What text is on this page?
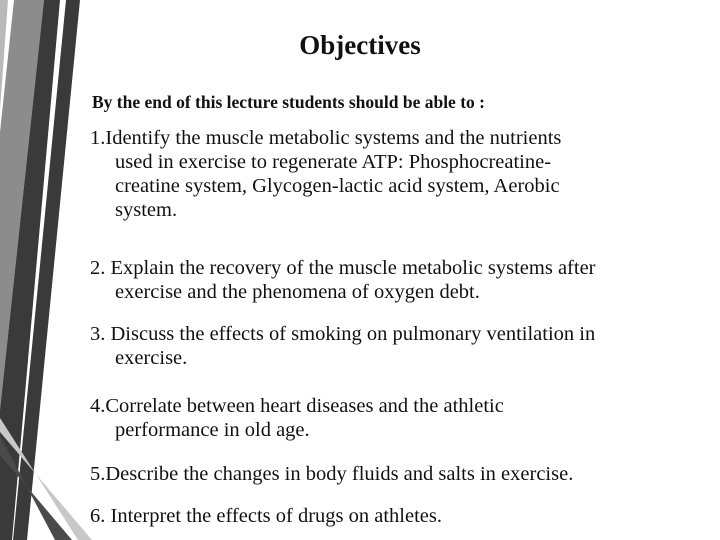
Objectives

By the end of this lecture students should be able to :

1.Identify the muscle metabolic systems and the nutrients
used in exercise to regenerate ATP: Phosphocreatine-
creatine system, Glycogen-lactic acid system, Aerobic
system.
2. Explain the recovery of the muscle metabolic systems after
exercise and the phenomena of oxygen debt.
3. Discuss the effects of smoking on pulmonary ventilation in
exercise.
4.Correlate between heart diseases and the athletic
performance in old age.
5.Describe the changes in body fluids and salts in exercise.
6. Interpret the effects of drugs on athletes.
